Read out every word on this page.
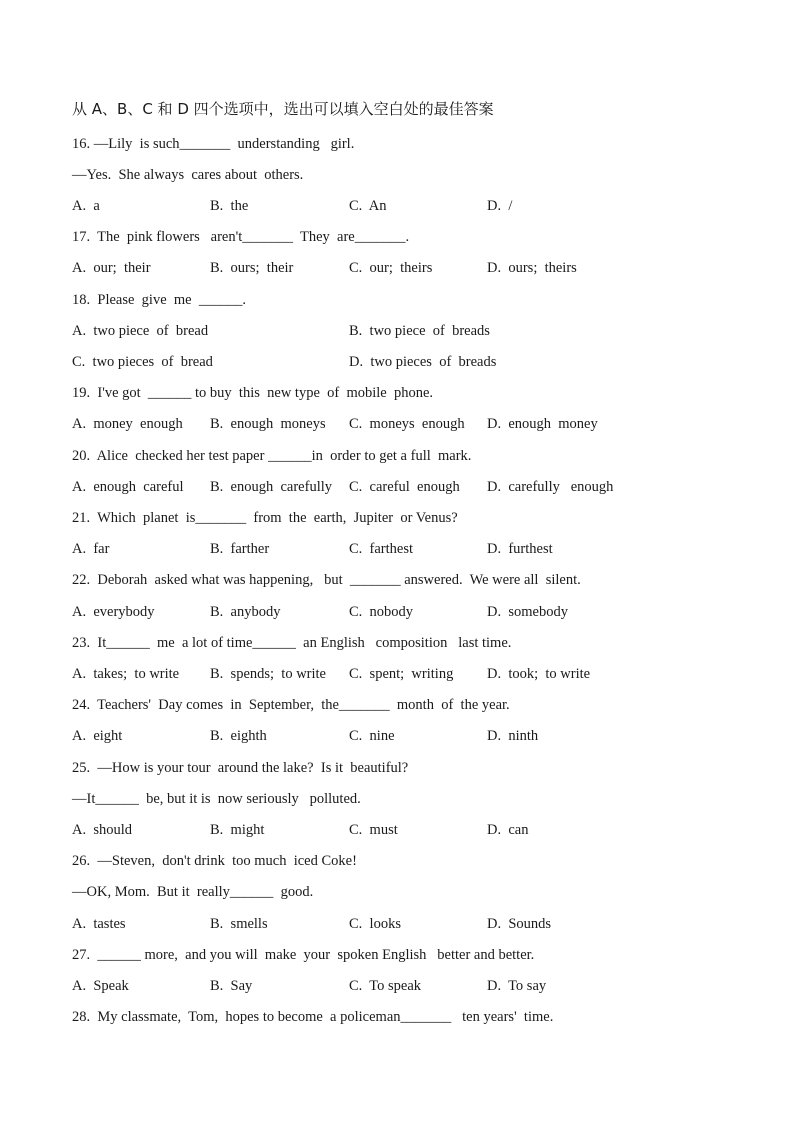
从 A、B、C 和 D 四个选项中，选出可以填入空白处的最佳答案
16. —Lily  is such_______  understanding   girl.
—Yes.  She always  cares about  others.
A.  a	B.  the	C.  An	D.  /
17.  The  pink flowers   aren't_______  They  are_______.
A.  our;  their	B.  ours;  their	C.  our;  theirs	D.  ours;  theirs
18.  Please  give  me  ______.
A.  two piece  of  bread	B.  two piece  of  breads
C.  two pieces  of  bread	D.  two pieces  of  breads
19.  I've got  ______ to buy  this  new type  of  mobile  phone.
A.  money  enough B.  enough  moneys C.  moneys  enough D.  enough  money
20.  Alice  checked her test paper ______in  order to get a full  mark.
A.  enough  careful B.  enough  carefully C.  careful  enough D.  carefully   enough
21.  Which  planet  is_______  from  the  earth,  Jupiter  or Venus?
A.  far	B.  farther	C.  farthest	D.  furthest
22.  Deborah  asked what was happening,   but  _______ answered.  We were all  silent.
A.  everybody	B.  anybody	C.  nobody	D.  somebody
23.  It______  me  a lot of time______  an English   composition   last time.
A.  takes;  to write B.  spends;  to write C.  spent;  writing D.  took;  to write
24.  Teachers'  Day comes  in  September,  the_______  month  of  the year.
A.  eight	B.  eighth	C.  nine	D.  ninth
25.  —How is your tour  around the lake?  Is it  beautiful?
—It______  be, but it is  now seriously   polluted.
A.  should	B.  might	C.  must	D.  can
26.  —Steven,  don't drink  too much  iced Coke!
—OK, Mom.  But it  really______  good.
A.  tastes	B.  smells	C.  looks	D.  Sounds
27.  ______ more,  and you will  make  your  spoken English   better and better.
A.  Speak	B.  Say	C.  To speak	D.  To say
28.  My classmate,  Tom,  hopes to become  a policeman_______   ten years'  time.
